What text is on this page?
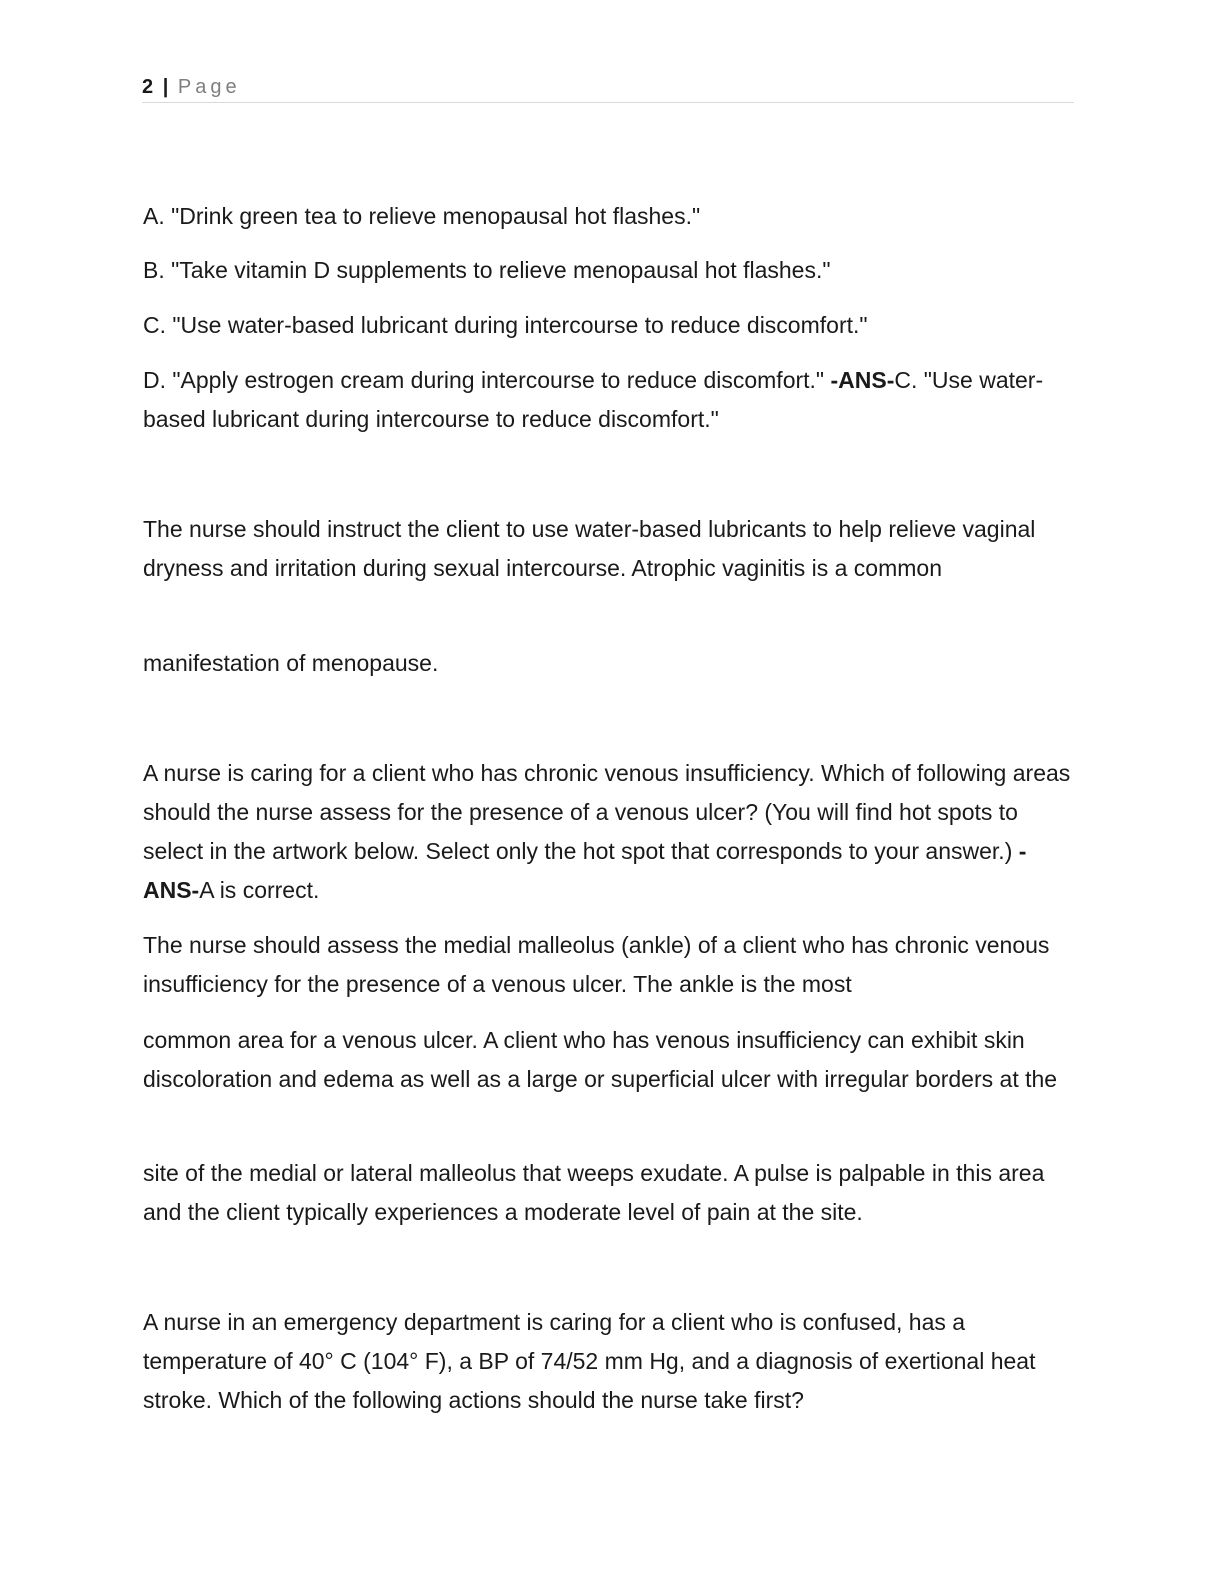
2 | Page

A. "Drink green tea to relieve menopausal hot flashes."

B. "Take vitamin D supplements to relieve menopausal hot flashes."

C. "Use water-based lubricant during intercourse to reduce discomfort."

D. "Apply estrogen cream during intercourse to reduce discomfort." -ANS-C. "Use water-based lubricant during intercourse to reduce discomfort."

The nurse should instruct the client to use water-based lubricants to help relieve vaginal dryness and irritation during sexual intercourse. Atrophic vaginitis is a common

manifestation of menopause.

A nurse is caring for a client who has chronic venous insufficiency. Which of following areas should the nurse assess for the presence of a venous ulcer? (You will find hot spots to select in the artwork below. Select only the hot spot that corresponds to your answer.) -ANS-A is correct.

The nurse should assess the medial malleolus (ankle) of a client who has chronic venous insufficiency for the presence of a venous ulcer. The ankle is the most

common area for a venous ulcer. A client who has venous insufficiency can exhibit skin discoloration and edema as well as a large or superficial ulcer with irregular borders at the

site of the medial or lateral malleolus that weeps exudate. A pulse is palpable in this area and the client typically experiences a moderate level of pain at the site.

A nurse in an emergency department is caring for a client who is confused, has a temperature of 40° C (104° F), a BP of 74/52 mm Hg, and a diagnosis of exertional heat stroke. Which of the following actions should the nurse take first?
